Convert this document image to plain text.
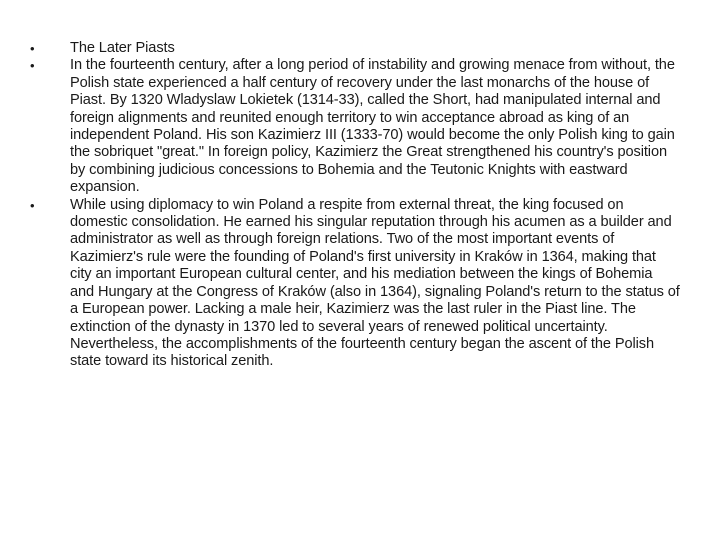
• The Later Piasts
• In the fourteenth century, after a long period of instability and growing menace from without, the Polish state experienced a half century of recovery under the last monarchs of the house of Piast. By 1320 Wladyslaw Lokietek (1314-33), called the Short, had manipulated internal and foreign alignments and reunited enough territory to win acceptance abroad as king of an independent Poland. His son Kazimierz III (1333-70) would become the only Polish king to gain the sobriquet "great." In foreign policy, Kazimierz the Great strengthened his country's position by combining judicious concessions to Bohemia and the Teutonic Knights with eastward expansion.
• While using diplomacy to win Poland a respite from external threat, the king focused on domestic consolidation. He earned his singular reputation through his acumen as a builder and administrator as well as through foreign relations. Two of the most important events of Kazimierz's rule were the founding of Poland's first university in Kraków in 1364, making that city an important European cultural center, and his mediation between the kings of Bohemia and Hungary at the Congress of Kraków (also in 1364), signaling Poland's return to the status of a European power. Lacking a male heir, Kazimierz was the last ruler in the Piast line. The extinction of the dynasty in 1370 led to several years of renewed political uncertainty. Nevertheless, the accomplishments of the fourteenth century began the ascent of the Polish state toward its historical zenith.
